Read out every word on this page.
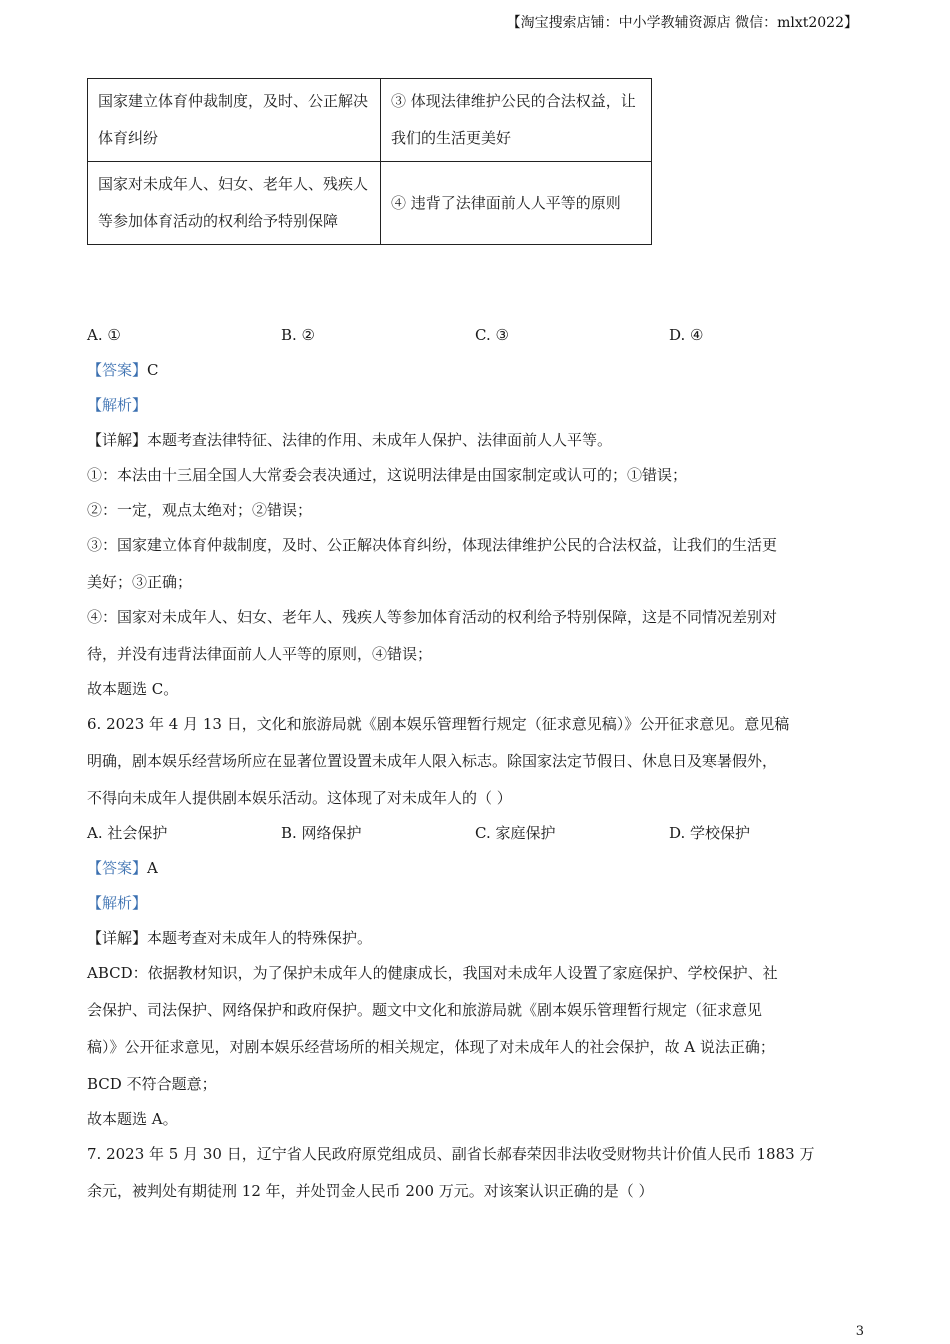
【淘宝搜索店铺：中小学教辅资源店 微信：mlxt2022】
国家建立体育仲裁制度，及时、公正解决体育纠纷	③ 体现法律维护公民的合法权益，让我们的生活更美好
国家对未成年人、妇女、老年人、残疾人等参加体育活动的权利给予特别保障	④ 违背了法律面前人人平等的原则
A. ①	B. ②	C. ③	D. ④
【答案】C
【解析】
【详解】本题考查法律特征、法律的作用、未成年人保护、法律面前人人平等。
①：本法由十三届全国人大常委会表决通过，这说明法律是由国家制定或认可的；①错误；
②：一定，观点太绝对；②错误；
③：国家建立体育仲裁制度，及时、公正解决体育纠纷，体现法律维护公民的合法权益，让我们的生活更
美好；③正确；
④：国家对未成年人、妇女、老年人、残疾人等参加体育活动的权利给予特别保障，这是不同情况差别对
待，并没有违背法律面前人人平等的原则，④错误；
故本题选 C。
6. 2023 年 4 月 13 日，文化和旅游局就《剧本娱乐管理暂行规定（征求意见稿）》公开征求意见。意见稿
明确，剧本娱乐经营场所应在显著位置设置未成年人限入标志。除国家法定节假日、休息日及寒暑假外，
不得向未成年人提供剧本娱乐活动。这体现了对未成年人的（ ）
A. 社会保护	B. 网络保护	C. 家庭保护	D. 学校保护
【答案】A
【解析】
【详解】本题考查对未成年人的特殊保护。
ABCD：依据教材知识，为了保护未成年人的健康成长，我国对未成年人设置了家庭保护、学校保护、社
会保护、司法保护、网络保护和政府保护。题文中文化和旅游局就《剧本娱乐管理暂行规定（征求意见
稿）》公开征求意见，对剧本娱乐经营场所的相关规定，体现了对未成年人的社会保护，故 A 说法正确；
BCD 不符合题意；
故本题选 A。
7. 2023 年 5 月 30 日，辽宁省人民政府原党组成员、副省长郝春荣因非法收受财物共计价值人民币 1883 万
余元，被判处有期徒刑 12 年，并处罚金人民币 200 万元。对该案认识正确的是（ ）
3
